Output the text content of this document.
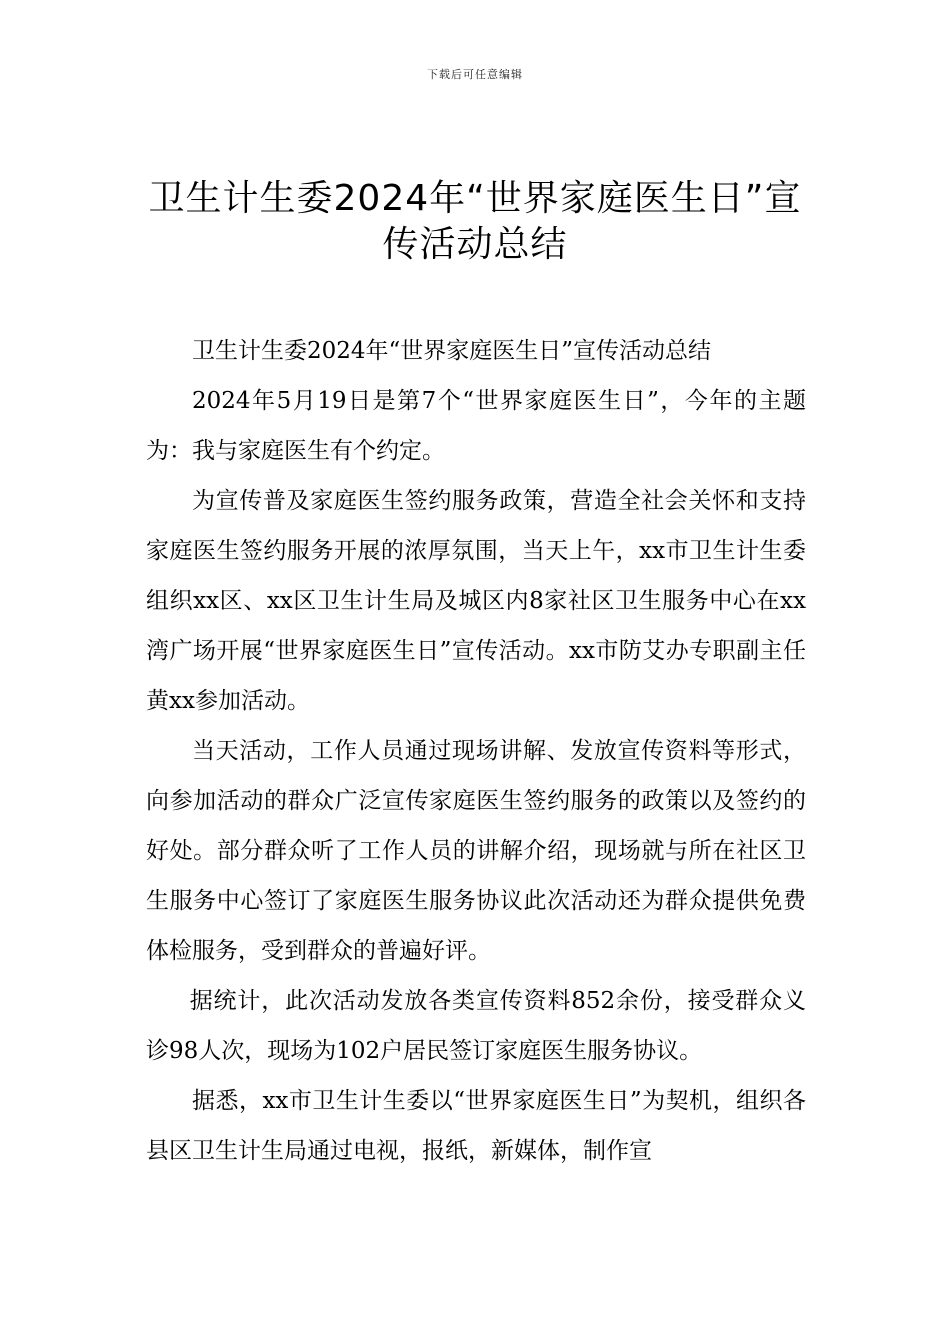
下载后可任意编辑
卫生计生委2024年“世界家庭医生日”宣
传活动总结

卫生计生委2024年“世界家庭医生日”宣传活动总结

2024年5月19日是第7个“世界家庭医生日”，今年的主题为：我与家庭医生有个约定。

为宣传普及家庭医生签约服务政策，营造全社会关怀和支持家庭医生签约服务开展的浓厚氛围，当天上午，xx市卫生计生委组织xx区、xx区卫生计生局及城区内8家社区卫生服务中心在xx湾广场开展“世界家庭医生日”宣传活动。xx市防艾办专职副主任黄xx参加活动。

当天活动，工作人员通过现场讲解、发放宣传资料等形式，向参加活动的群众广泛宣传家庭医生签约服务的政策以及签约的好处。部分群众听了工作人员的讲解介绍，现场就与所在社区卫生服务中心签订了家庭医生服务协议此次活动还为群众提供免费体检服务，受到群众的普遍好评。

据统计，此次活动发放各类宣传资料852余份，接受群众义诊98人次，现场为102户居民签订家庭医生服务协议。

据悉，xx市卫生计生委以“世界家庭医生日”为契机，组织各县区卫生计生局通过电视，报纸，新媒体，制作宣
